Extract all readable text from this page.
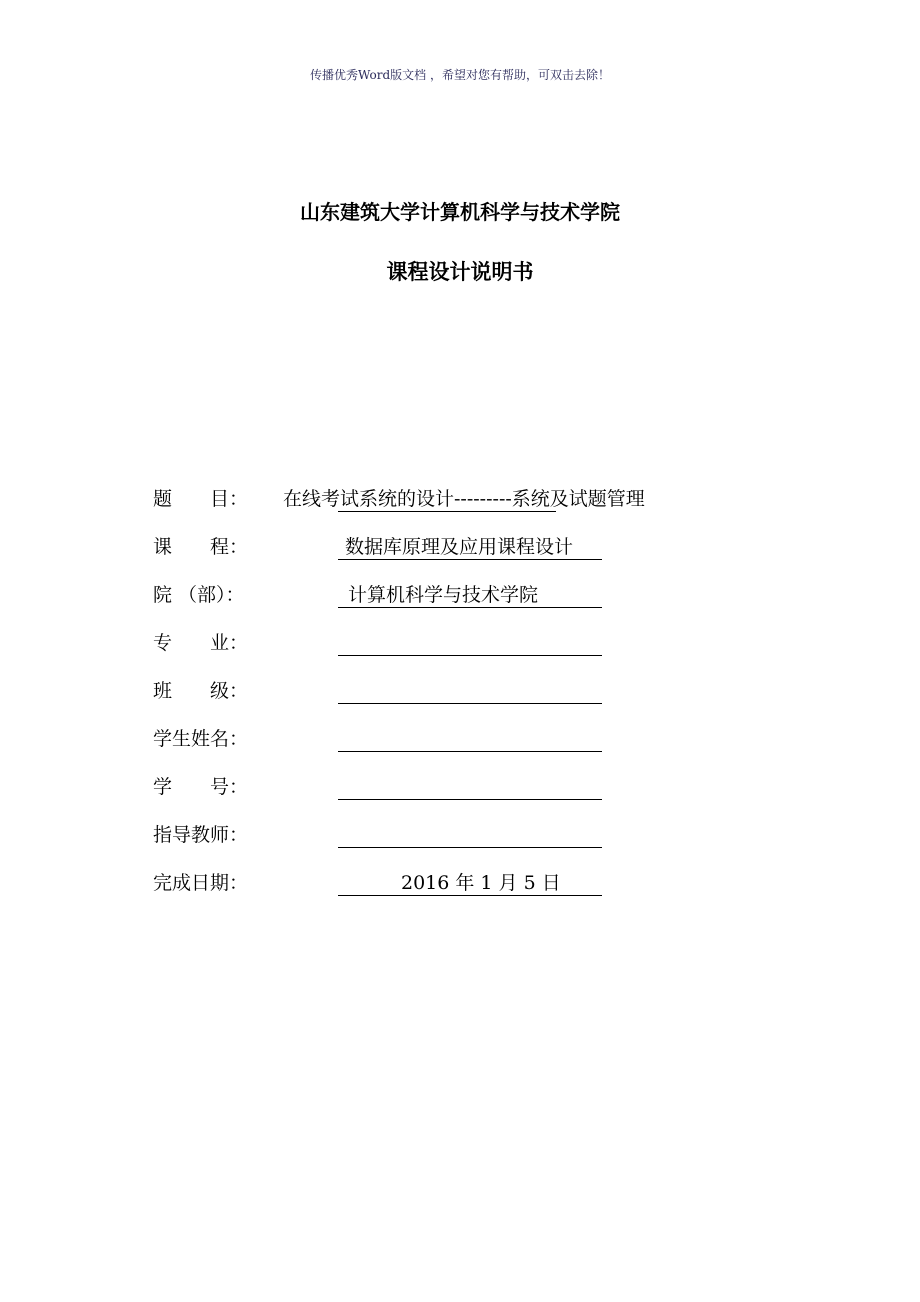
传播优秀Word版文档 ，希望对您有帮助，可双击去除！
山东建筑大学计算机科学与技术学院
课程设计说明书
题　　目： 在线考试系统的设计---------系统及试题管理
课　　程：	数据库原理及应用课程设计
院 （部）：	计算机科学与技术学院
专　　业：
班　　级：
学生姓名：
学　　号：
指导教师：
完成日期：	2016 年 1 月 5 日
